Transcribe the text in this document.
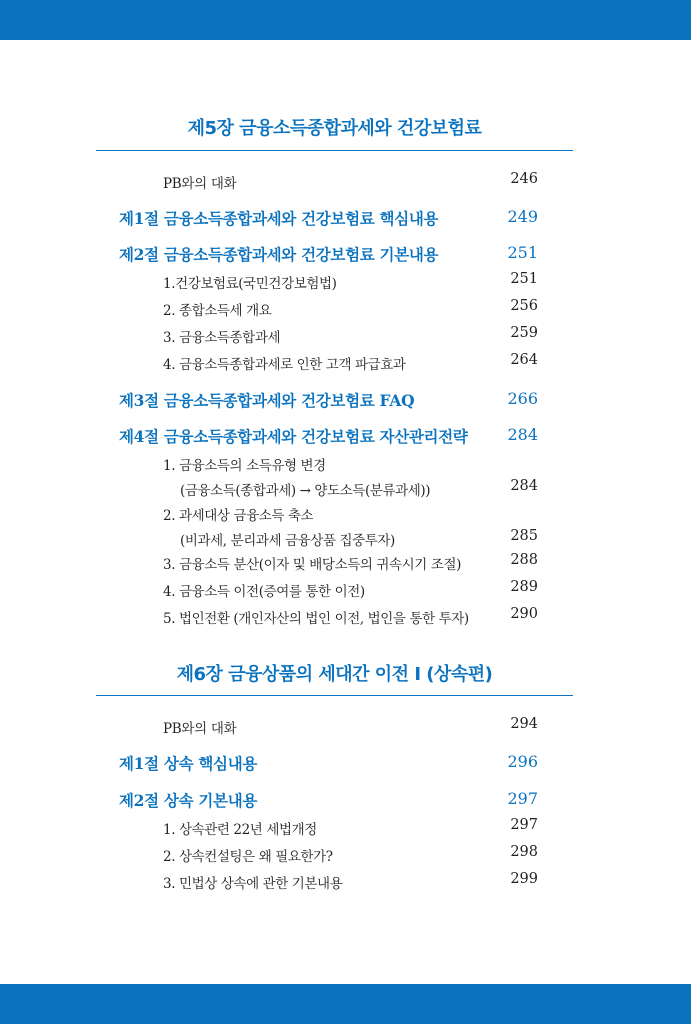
제5장 금융소득종합과세와 건강보험료
PB와의 대화	246
제1절 금융소득종합과세와 건강보험료 핵심내용	249
제2절 금융소득종합과세와 건강보험료 기본내용	251
1.건강보험료(국민건강보험법)	251
2. 종합소득세 개요	256
3. 금융소득종합과세	259
4. 금융소득종합과세로 인한 고객 파급효과	264
제3절 금융소득종합과세와 건강보험료 FAQ	266
제4절 금융소득종합과세와 건강보험료 자산관리전략	284
1. 금융소득의 소득유형 변경
(금융소득(종합과세) → 양도소득(분류과세))	284
2. 과세대상 금융소득 축소
(비과세, 분리과세 금융상품 집중투자)	285
3. 금융소득 분산(이자 및 배당소득의 귀속시기 조절)	288
4. 금융소득 이전(증여를 통한 이전)	289
5. 법인전환 (개인자산의 법인 이전, 법인을 통한 투자)	290
제6장 금융상품의 세대간 이전 I (상속편)
PB와의 대화	294
제1절 상속 핵심내용	296
제2절 상속 기본내용	297
1. 상속관련 22년 세법개정	297
2. 상속컨설팅은 왜 필요한가?	298
3. 민법상 상속에 관한 기본내용	299
